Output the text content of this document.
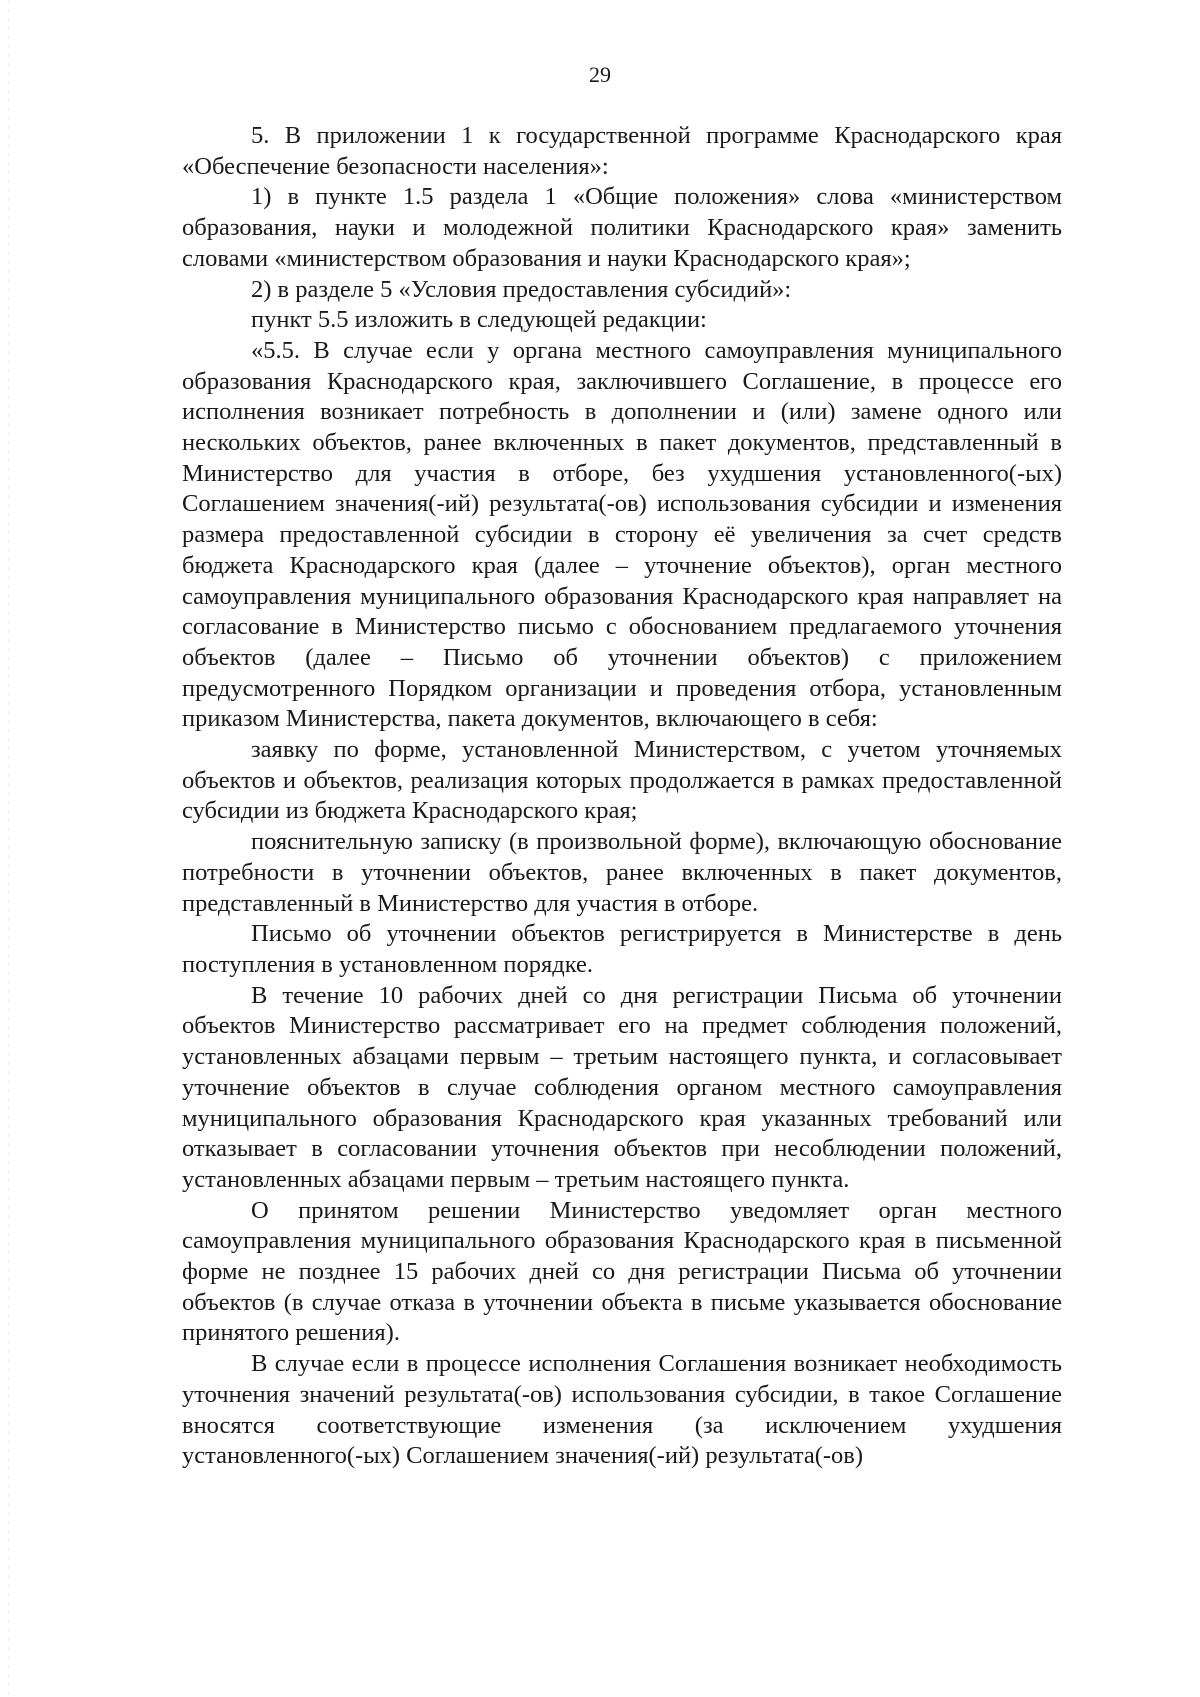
29

5. В приложении 1 к государственной программе Краснодарского края «Обеспечение безопасности населения»:

1) в пункте 1.5 раздела 1 «Общие положения» слова «министерством образования, науки и молодежной политики Краснодарского края» заменить словами «министерством образования и науки Краснодарского края»;

2) в разделе 5 «Условия предоставления субсидий»:

пункт 5.5 изложить в следующей редакции:

«5.5. В случае если у органа местного самоуправления муниципального образования Краснодарского края, заключившего Соглашение, в процессе его исполнения возникает потребность в дополнении и (или) замене одного или нескольких объектов, ранее включенных в пакет документов, представленный в Министерство для участия в отборе, без ухудшения установленного(-ых) Соглашением значения(-ий) результата(-ов) использования субсидии и изменения размера предоставленной субсидии в сторону её увеличения за счет средств бюджета Краснодарского края (далее – уточнение объектов), орган местного самоуправления муниципального образования Краснодарского края направляет на согласование в Министерство письмо с обоснованием предлагаемого уточнения объектов (далее – Письмо об уточнении объектов) с приложением предусмотренного Порядком организации и проведения отбора, установленным приказом Министерства, пакета документов, включающего в себя:

заявку по форме, установленной Министерством, с учетом уточняемых объектов и объектов, реализация которых продолжается в рамках предоставленной субсидии из бюджета Краснодарского края;

пояснительную записку (в произвольной форме), включающую обоснование потребности в уточнении объектов, ранее включенных в пакет документов, представленный в Министерство для участия в отборе.

Письмо об уточнении объектов регистрируется в Министерстве в день поступления в установленном порядке.

В течение 10 рабочих дней со дня регистрации Письма об уточнении объектов Министерство рассматривает его на предмет соблюдения положений, установленных абзацами первым – третьим настоящего пункта, и согласовывает уточнение объектов в случае соблюдения органом местного самоуправления муниципального образования Краснодарского края указанных требований или отказывает в согласовании уточнения объектов при несоблюдении положений, установленных абзацами первым – третьим настоящего пункта.

О принятом решении Министерство уведомляет орган местного самоуправления муниципального образования Краснодарского края в письменной форме не позднее 15 рабочих дней со дня регистрации Письма об уточнении объектов (в случае отказа в уточнении объекта в письме указывается обоснование принятого решения).

В случае если в процессе исполнения Соглашения возникает необходимость уточнения значений результата(-ов) использования субсидии, в такое Соглашение вносятся соответствующие изменения (за исключением ухудшения установленного(-ых) Соглашением значения(-ий) результата(-ов)
